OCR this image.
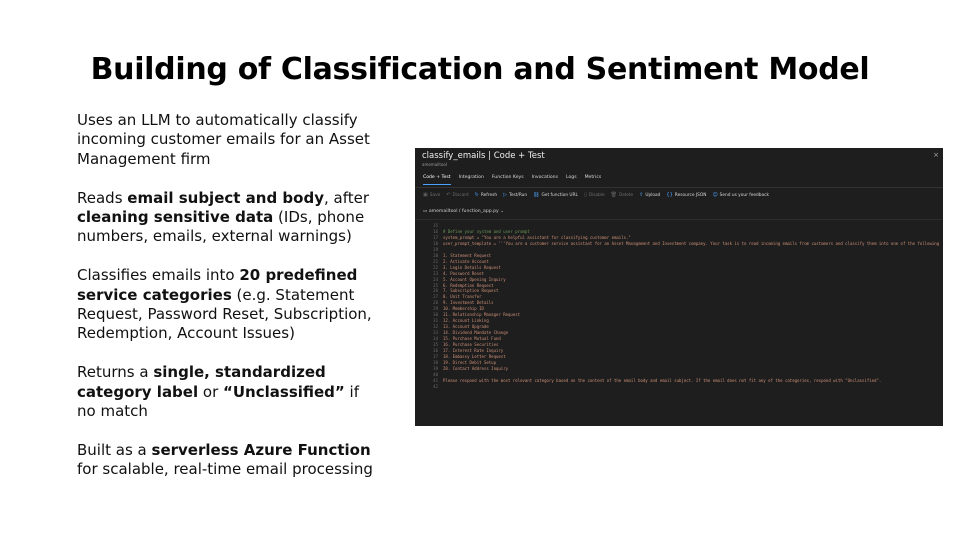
Building of Classification and Sentiment Model

Uses an LLM to automatically classify incoming customer emails for an Asset Management firm

Reads email subject and body, after cleaning sensitive data (IDs, phone numbers, emails, external warnings)

Classifies emails into 20 predefined service categories (e.g. Statement Request, Password Reset, Subscription, Redemption, Account Issues)

Returns a single, standardized category label or “Unclassified” if no match

Built as a serverless Azure Function for scalable, real-time email processing

classify_emails | Code + Test
amemailtool
×
Code + Test Integration Function Keys Invocations Logs Metrics
▣ Save ↶ Discard ↻ Refresh ▷ Test/Run ⛓ Get function URL ▯ Disable 🗑 Delete ⇧ Upload {} Resource JSON ☺ Send us your feedback
▭ amemailtool / function_app.py ⌄
15
16 # Define your system and user prompt
17 system_prompt = "You are a helpful assistant for classifying customer emails."
18 user_prompt_template = '''You are a customer service assistant for an Asset Management and Investment company. Your task is to read incoming emails from customers and classify them into one of the following
19
20 1. Statement Request
21 2. Activate Account
22 3. Login Details Request
23 4. Password Reset
24 5. Account Opening Inquiry
25 6. Redemption Request
26 7. Subscription Request
27 8. Unit Transfer
28 9. Investment Details
29 10. Membership ID
30 11. Relationship Manager Request
31 12. Account Linking
32 13. Account Upgrade
33 14. Dividend Mandate Change
34 15. Purchase Mutual Fund
35 16. Purchase Securities
36 17. Interest Rate Inquiry
37 18. Embassy Letter Request
38 19. Direct Debit Setup
39 20. Contact Address Inquiry
40
41 Please respond with the most relevant category based on the content of the email body and email subject. If the email does not fit any of the categories, respond with "Unclassified".
42
